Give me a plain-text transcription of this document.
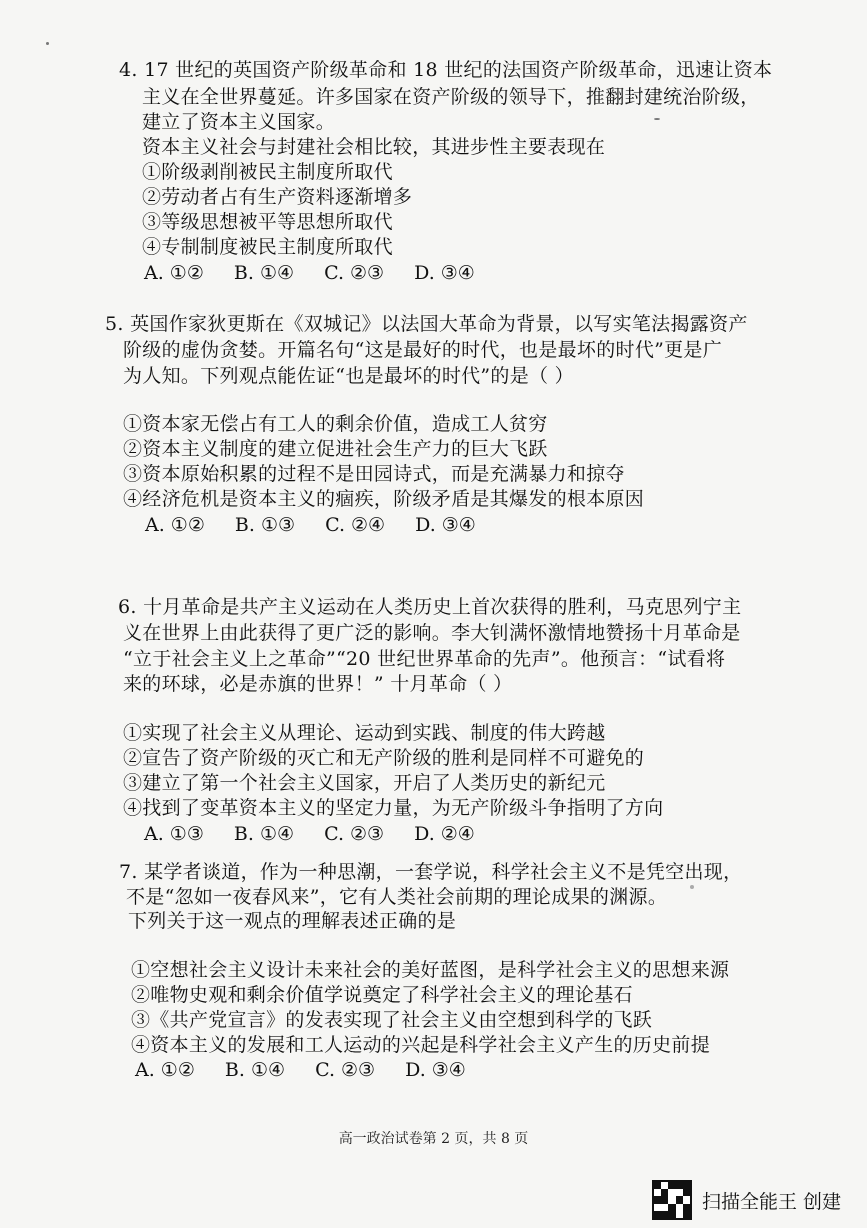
4. 17 世纪的英国资产阶级革命和 18 世纪的法国资产阶级革命，迅速让资本
主义在全世界蔓延。许多国家在资产阶级的领导下，推翻封建统治阶级，
建立了资本主义国家。
资本主义社会与封建社会相比较，其进步性主要表现在
①阶级剥削被民主制度所取代
②劳动者占有生产资料逐渐增多
③等级思想被平等思想所取代
④专制制度被民主制度所取代
A. ①② B. ①④ C. ②③ D. ③④
5. 英国作家狄更斯在《双城记》以法国大革命为背景，以写实笔法揭露资产
阶级的虚伪贪婪。开篇名句“这是最好的时代，也是最坏的时代”更是广
为人知。下列观点能佐证“也是最坏的时代”的是（ ）
①资本家无偿占有工人的剩余价值，造成工人贫穷
②资本主义制度的建立促进社会生产力的巨大飞跃
③资本原始积累的过程不是田园诗式，而是充满暴力和掠夺
④经济危机是资本主义的痼疾，阶级矛盾是其爆发的根本原因
A. ①② B. ①③ C. ②④ D. ③④
6. 十月革命是共产主义运动在人类历史上首次获得的胜利，马克思列宁主
义在世界上由此获得了更广泛的影响。李大钊满怀激情地赞扬十月革命是
“立于社会主义上之革命”“20 世纪世界革命的先声”。他预言：“试看将
来的环球，必是赤旗的世界！” 十月革命（ ）
①实现了社会主义从理论、运动到实践、制度的伟大跨越
②宣告了资产阶级的灭亡和无产阶级的胜利是同样不可避免的
③建立了第一个社会主义国家，开启了人类历史的新纪元
④找到了变革资本主义的坚定力量，为无产阶级斗争指明了方向
A. ①③ B. ①④ C. ②③ D. ②④
7. 某学者谈道，作为一种思潮，一套学说，科学社会主义不是凭空出现，
不是“忽如一夜春风来”，它有人类社会前期的理论成果的渊源。
下列关于这一观点的理解表述正确的是
①空想社会主义设计未来社会的美好蓝图，是科学社会主义的思想来源
②唯物史观和剩余价值学说奠定了科学社会主义的理论基石
③《共产党宣言》的发表实现了社会主义由空想到科学的飞跃
④资本主义的发展和工人运动的兴起是科学社会主义产生的历史前提
A. ①② B. ①④ C. ②③ D. ③④
高一政治试卷第 2 页，共 8 页
扫描全能王 创建
